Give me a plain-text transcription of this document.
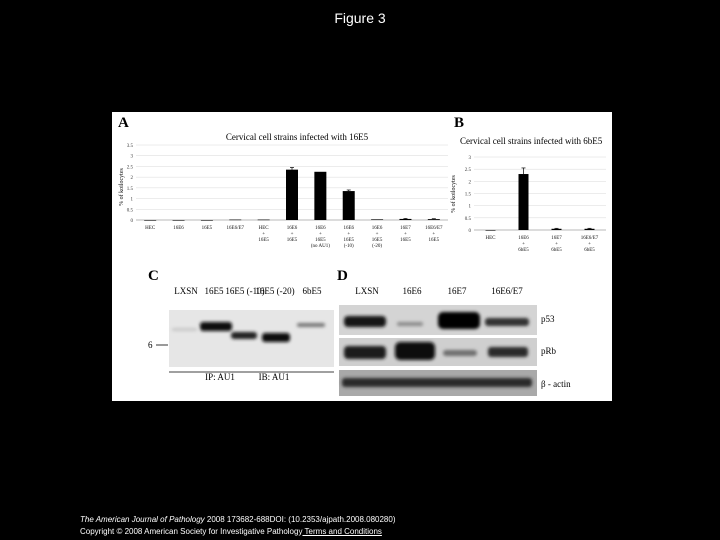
Figure 3
A
Cervical cell strains infected with 16E5
% of koilocytes
0
0.5
1
1.5
2
2.5
3
3.5
HEC	16E6	16E5	16E6/E7	HEC + 16E5
16E6 + 16E5
16E6 + 16E5 (no AU1)
16E6 + 16E5 (-10)
16E6 + 16E5 (-20)
16E7 + 16E5
16E6/E7 + 16E5
B
Cervical cell strains infected with 6bE5
% of koilocytes
0
0.5
1
1.5
2
2.5
3
HEC	16E6 + 6bE5
16E7 + 6bE5
16E6/E7 + 6bE5
C
LXSN 16E5 16E5 (-10)
16E5 (-20) 6bE5
6
IP: AU1	IB: AU1
D
LXSN	16E6	16E7	16E6/E7
p53
pRb
β - actin
The American Journal of Pathology 2008 173682-688DOI: (10.2353/ajpath.2008.080280)
Copyright © 2008 American Society for Investigative Pathology Terms and Conditions
